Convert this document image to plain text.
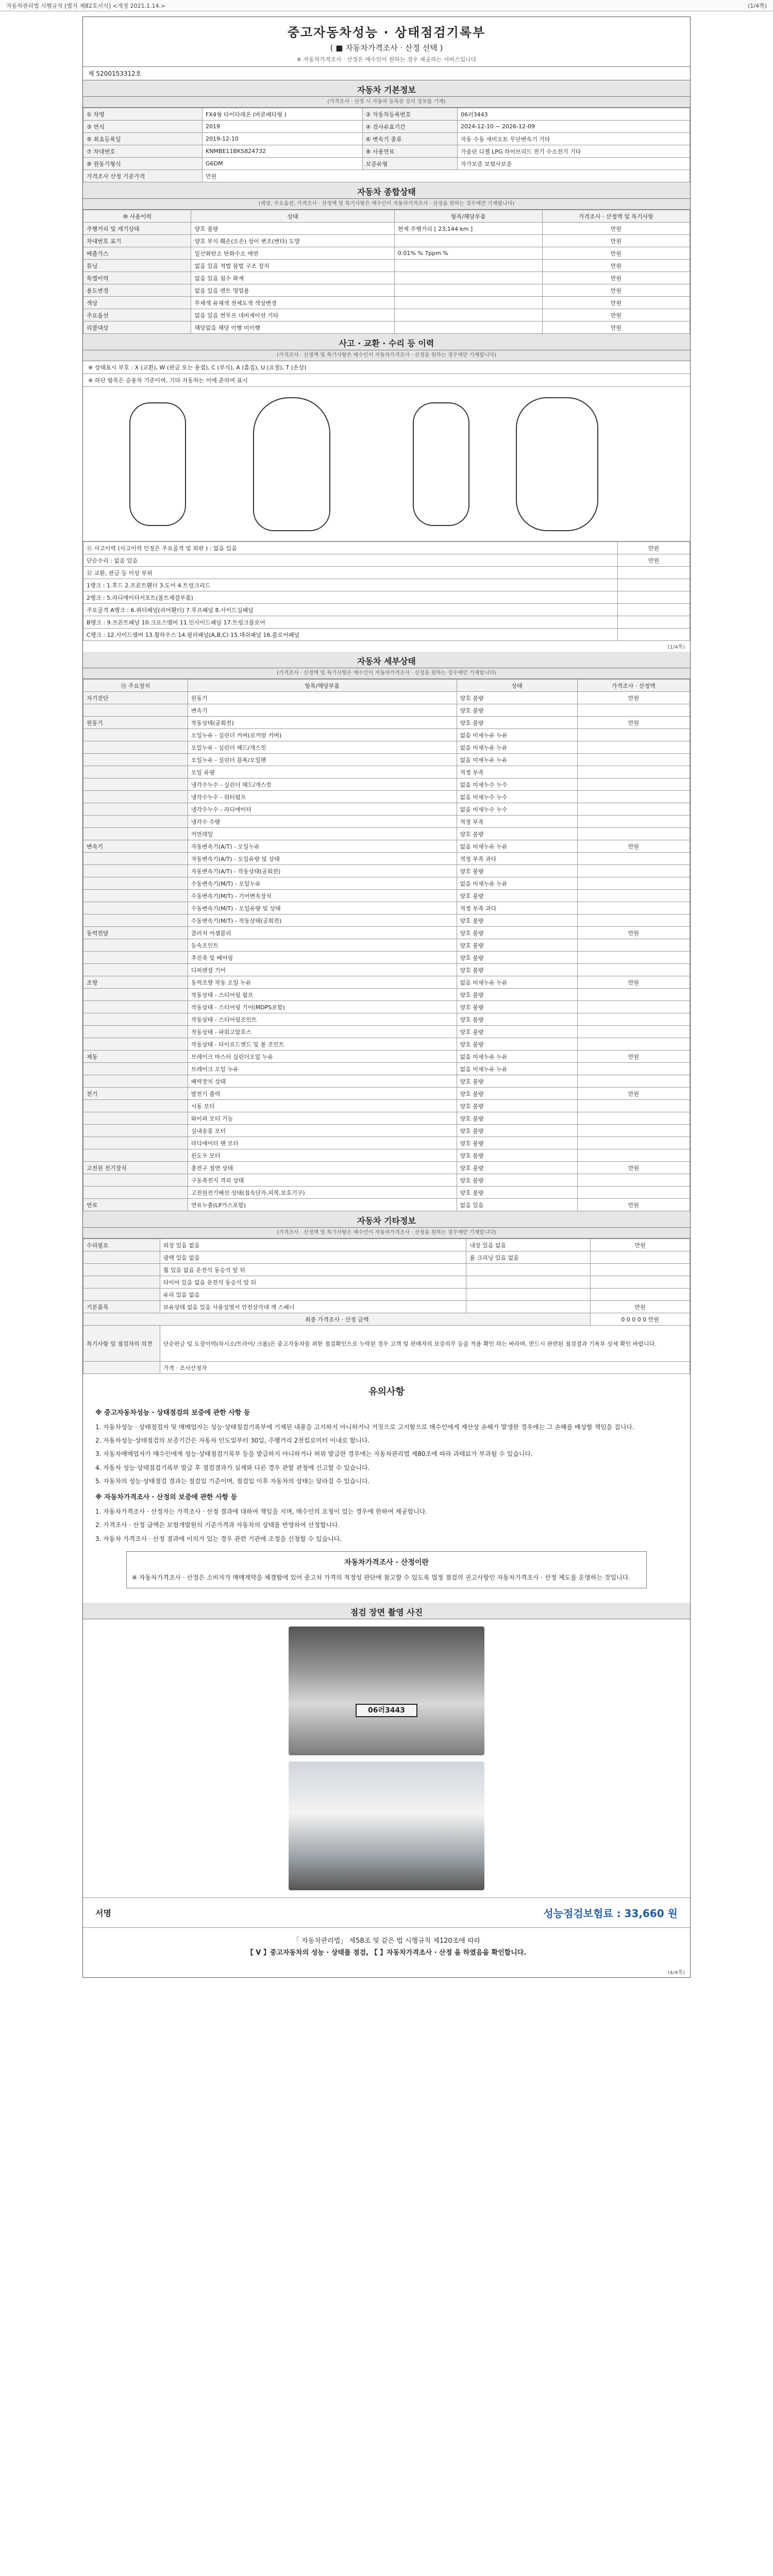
자동차관리법 시행규칙 [별지 제82호서식] <개정 2021.1.14.>	(1/4쪽)
중고자동차성능 · 상태점검기록부
( ■ 자동차가격조사 · 산정 선택 )
※ 자동차가격조사 · 산정은 매수인이 원하는 경우 제공하는 서비스입니다
제 5200153312호
자동차 기본정보
(가격조사 · 산정 시 자동차 등록증 상의 정보를 기재)
① 차명	FX4형 타이타레온 (바론베타형 )	② 자동차등록번호	06러3443
③ 연식	2019	④ 검사유효기간	2024-12-10 ~ 2026-12-09
⑤ 최초등록일	2019-12-10	⑥ 변속기 종류	자동 수동 세미오토 무단변속기 기타
⑦ 차대번호	KNMBE11BKS824732	⑧ 사용연료	가솔린 디젤 LPG 하이브리드 전기 수소전기 기타
⑨ 원동기형식	G6DM	보증유형	자가보증 보험사보증
가격조사 산정 기준가격	만원		
자동차 종합상태
(색상, 주요옵션, 가격조사 · 산정액 및 특기사항은 매수인이 자동차가격조사 · 산정을 원하는 경우에만 기재합니다)
⑩ 사용이력	상태	항목/해당부품	가격조사 · 산정액 및 특기사항
주행거리 및 계기상태	양호 불량	현재 주행거리 [ 23,144 km ]	만원
차대번호 표기	양호 부식 훼손(오손) 상이 변조(변타) 도말		만원
배출가스	일산화탄소 탄화수소 매연	0.01% % 7ppm %	만원
튜닝	없음 있음 적법 불법 구조 장치		만원
특별이력	없음 있음 침수 화재		만원
용도변경	없음 있음 렌트 영업용		만원
색상	무채색 유채색 전체도색 색상변경		만원
주요옵션	없음 있음 썬루프 네비게이션 기타		만원
리콜대상	해당없음 해당 이행 미이행		만원
사고 · 교환 · 수리 등 이력
(가격조사 · 산정액 및 특기사항은 매수인이 자동차가격조사 · 산정을 원하는 경우에만 기재합니다)
※ 상태표시 부호 : X (교환), W (판금 또는 용접), C (부식), A (흠집), U (요철), T (손상)
※ 하단 항목은 승용차 기준이며, 기타 자동차는 이에 준하여 표시
⑪ 사고이력 (사고이력 인정은 주요골격 및 외판 ) : 없음 있음	만원
단순수리 : 없음 있음	만원
⑫ 교환, 판금 등 이상 부위	
1랭크 : 1.후드 2.프론트휀더 3.도어 4.트렁크리드	
2랭크 : 5.라디에이터서포트(볼트체결부품)	
주요골격 A랭크 : 6.쿼터패널(리어휀더) 7.루프패널 8.사이드실패널	
B랭크 : 9.프론트패널 10.크로스멤버 11.인사이드패널 17.트렁크플로어	
C랭크 : 12.사이드멤버 13.휠하우스 14.필러패널(A,B,C) 15.대쉬패널 16.플로어패널	
(1/4쪽)
자동차 세부상태
(가격조사 · 산정액 및 특기사항은 매수인이 자동차가격조사 · 산정을 원하는 경우에만 기재합니다)
⑬ 주요장치	항목/해당부품	상태	가격조사 · 산정액
자기진단	원동기	양호 불량	만원
	변속기	양호 불량	
원동기	작동상태(공회전)	양호 불량	만원
	오일누유 - 실린더 커버(로커암 커버)	없음 미세누유 누유	
	오일누유 - 실린더 헤드/개스킷	없음 미세누유 누유	
	오일누유 - 실린더 블록/오일팬	없음 미세누유 누유	
	오일 유량	적정 부족	
	냉각수누수 - 실린더 헤드/개스킷	없음 미세누수 누수	
	냉각수누수 - 워터펌프	없음 미세누수 누수	
	냉각수누수 - 라디에이터	없음 미세누수 누수	
	냉각수 수량	적정 부족	
	커먼레일	양호 불량	
변속기	자동변속기(A/T) - 오일누유	없음 미세누유 누유	만원
	자동변속기(A/T) - 오일유량 및 상태	적정 부족 과다	
	자동변속기(A/T) - 작동상태(공회전)	양호 불량	
	수동변속기(M/T) - 오일누유	없음 미세누유 누유	
	수동변속기(M/T) - 기어변속장치	양호 불량	
	수동변속기(M/T) - 오일유량 및 상태	적정 부족 과다	
	수동변속기(M/T) - 작동상태(공회전)	양호 불량	
동력전달	클러치 어셈블리	양호 불량	만원
	등속조인트	양호 불량	
	추진축 및 베어링	양호 불량	
	디퍼렌셜 기어	양호 불량	
조향	동력조향 작동 오일 누유	없음 미세누유 누유	만원
	작동상태 - 스티어링 펌프	양호 불량	
	작동상태 - 스티어링 기어(MDPS포함)	양호 불량	
	작동상태 - 스티어링조인트	양호 불량	
	작동상태 - 파워고압호스	양호 불량	
	작동상태 - 타이로드엔드 및 볼 조인트	양호 불량	
제동	브레이크 마스터 실린더오일 누유	없음 미세누유 누유	만원
	브레이크 오일 누유	없음 미세누유 누유	
	배력장치 상태	양호 불량	
전기	발전기 출력	양호 불량	만원
	시동 모터	양호 불량	
	와이퍼 모터 기능	양호 불량	
	실내송풍 모터	양호 불량	
	라디에이터 팬 모터	양호 불량	
	윈도우 모터	양호 불량	
고전원 전기장치	충전구 절연 상태	양호 불량	만원
	구동축전지 격리 상태	양호 불량	
	고전원전기배선 상태(접속단자,피복,보호기구)	양호 불량	
연료	연료누출(LP가스포함)	없음 있음	만원
자동차 기타정보
(가격조사 · 산정액 및 특기사항은 매수인이 자동차가격조사 · 산정을 원하는 경우에만 기재합니다)
수리필요	외장 있음 없음	내장 있음 없음	만원
	광택 있음 없음	룸 크리닝 있음 없음	
	휠 있음 없음 운전석 동승석 앞 뒤		
	타이어 있음 없음 운전석 동승석 앞 뒤		
	유리 있음 없음		
기본품목	보유상태 없음 있음 사용설명서 안전삼각대 잭 스패너		만원
최종 가격조사 · 산정 금액			0 0 0 0 0 만원
특기사항 및 점검자의 의견	단순판금 및 도장이력(하시소/트라이/ 크롬)은 중고자동차를 위한 점검확인으로 누락된 경우 고객 및 판매자의 보증의무 등을 적용 확인 하는 바라며, 반드시 관련된 점검결과 기록부 상세 확인 바랍니다.		
	가격 · 조사산정자		
유의사항
※ 중고자동차성능 · 상태점검의 보증에 관한 사항 등

1. 자동차성능 · 상태점검자 및 매매업자는 성능·상태점검기록부에 기재된 내용을 고지하지 아니하거나 거짓으로 고지함으로 매수인에게 재산상 손해가 발생한 경우에는 그 손해를 배상할 책임을 집니다.

2. 자동차성능·상태점검의 보증기간은 자동차 인도일부터 30일, 주행거리 2천킬로미터 이내로 합니다.

3. 자동차매매업자가 매수인에게 성능·상태점검기록부 등을 발급하지 아니하거나 허위 발급한 경우에는 자동차관리법 제80조에 따라 과태료가 부과될 수 있습니다.

4. 자동차 성능·상태점검기록부 발급 후 점검결과가 실제와 다른 경우 관할 관청에 신고할 수 있습니다.

5. 자동차의 성능·상태점검 결과는 점검일 기준이며, 점검일 이후 자동차의 상태는 달라질 수 있습니다.

※ 자동차가격조사 · 산정의 보증에 관한 사항 등

1. 자동차가격조사 · 산정자는 가격조사 · 산정 결과에 대하여 책임을 지며, 매수인의 요청이 있는 경우에 한하여 제공합니다.

2. 가격조사 · 산정 금액은 보험개발원의 기준가격과 자동차의 상태를 반영하여 산정합니다.

3. 자동차 가격조사 · 산정 결과에 이의가 있는 경우 관련 기관에 조정을 신청할 수 있습니다.

자동차가격조사 · 산정이란
※ 자동차가격조사 · 산정은 소비자가 매매계약을 체결함에 있어 중고차 가격의 적정성 판단에 참고할 수 있도록 법정 점검의 권고사항인 자동차가격조사 · 산정 제도를 운영하는 것입니다.
점검 장면 촬영 사진
06러3443
서명	성능점검보험료 : 33,660 원
「 자동차관리법」 제58조 및 같은 법 시행규칙 제120조에 따라
【 V 】중고자동차의 성능 · 상태를 점검, 【 】자동차가격조사 · 산정 을 하였음을 확인합니다.
(4/4쪽)
